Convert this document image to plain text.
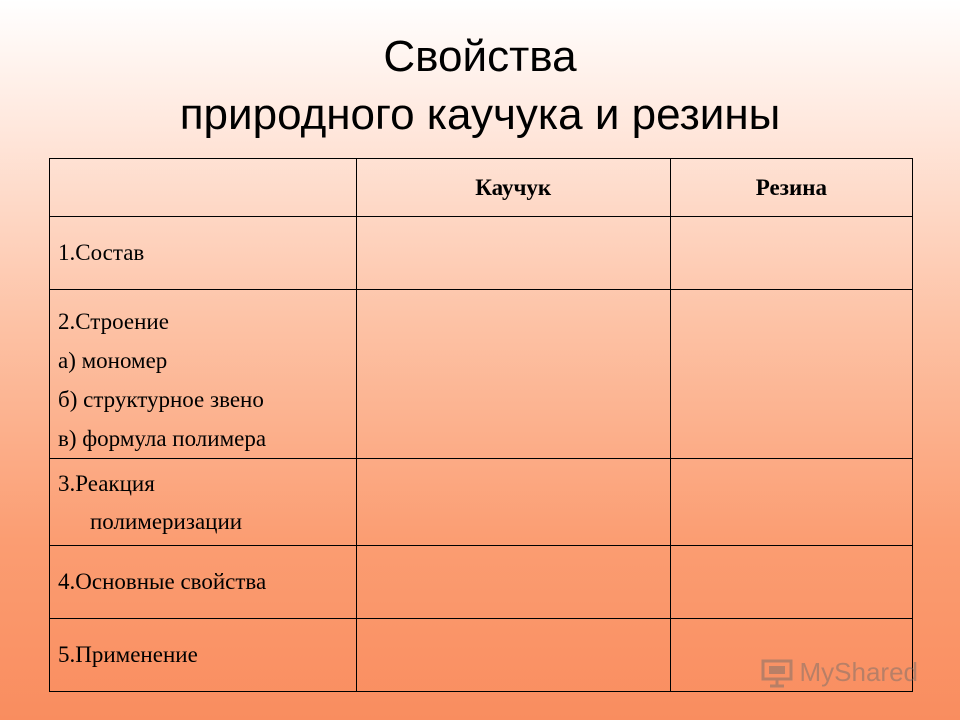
Свойства
природного каучука и резины
	Каучук	Резина

1.Состав		

2.Строение
а) мономер
б) структурное звено
в) формула полимера		

3.Реакция
полимеризации		

4.Основные свойства		

5.Применение		

MyShared
